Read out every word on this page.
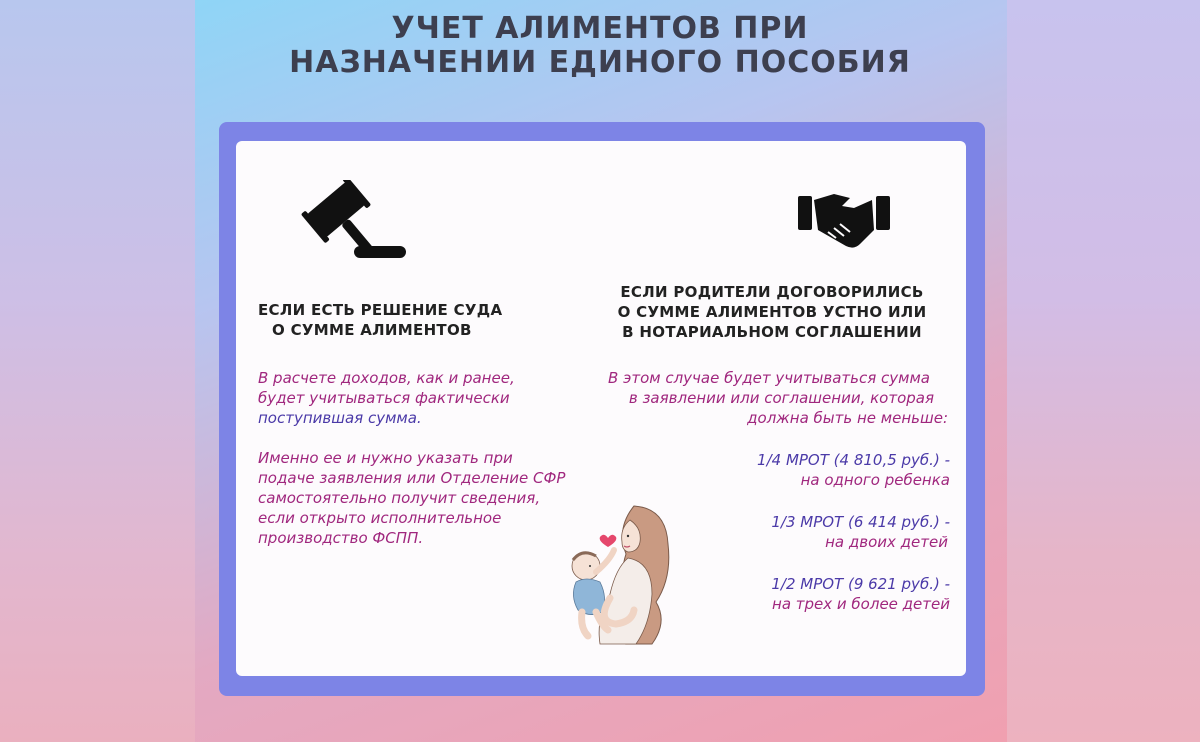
УЧЕТ АЛИМЕНТОВ ПРИ
НАЗНАЧЕНИИ ЕДИНОГО ПОСОБИЯ
ЕСЛИ ЕСТЬ РЕШЕНИЕ СУДА
О СУММЕ АЛИМЕНТОВ
ЕСЛИ РОДИТЕЛИ ДОГОВОРИЛИСЬ
О СУММЕ АЛИМЕНТОВ УСТНО ИЛИ
В НОТАРИАЛЬНОМ СОГЛАШЕНИИ
В расчете доходов, как и ранее,
будет учитываться фактически
поступившая сумма.
Именно ее и нужно указать при
подаче заявления или Отделение СФР
самостоятельно получит сведения,
если открыто исполнительное
производство ФСПП.
В этом случае будет учитываться сумма
в заявлении или соглашении, которая
должна быть не меньше:
1/4 МРОТ (4 810,5 руб.) -
на одного ребенка
1/3 МРОТ (6 414 руб.) -
на двоих детей
1/2 МРОТ (9 621 руб.) -
на трех и более детей
